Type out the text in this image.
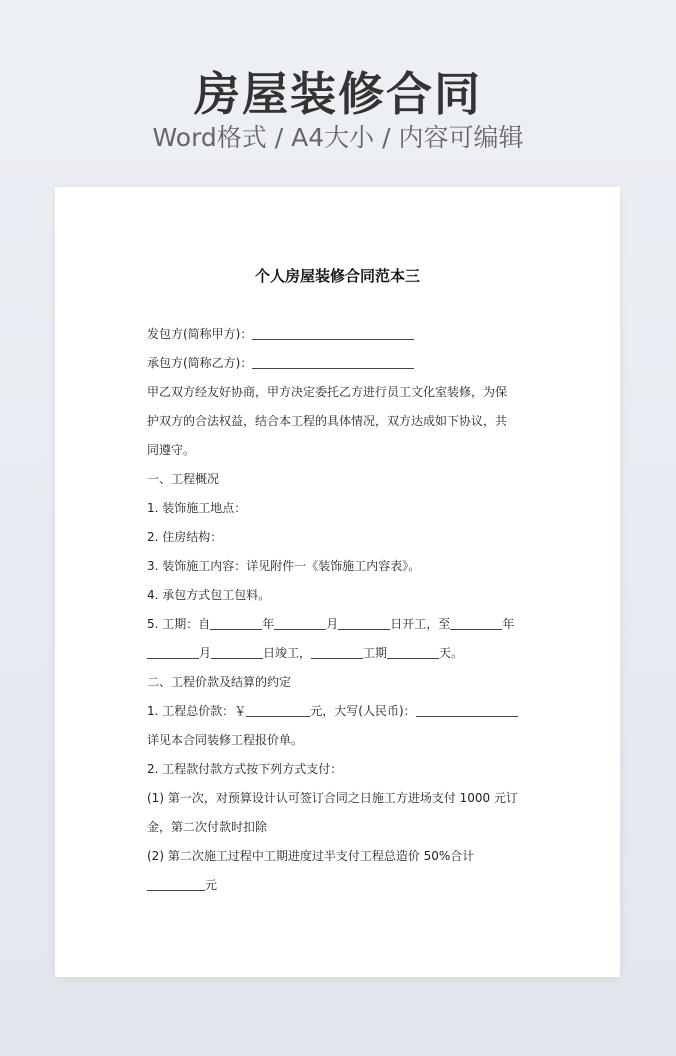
房屋装修合同
Word格式 / A4大小 / 内容可编辑
个人房屋装修合同范本三
发包方(简称甲方)：
承包方(简称乙方)：
甲乙双方经友好协商，甲方决定委托乙方进行员工文化室装修，为保
护双方的合法权益，结合本工程的具体情况，双方达成如下协议，共
同遵守。
一、工程概况
1. 装饰施工地点：
2. 住房结构：
3. 装饰施工内容：详见附件一《装饰施工内容表》。
4. 承包方式包工包料。
5. 工期：自	年	月	日开工，至	年
月	日竣工，	工期	天。
二、工程价款及结算的约定
1. 工程总价款：￥	元，大写(人民币)：
详见本合同装修工程报价单。
2. 工程款付款方式按下列方式支付：
(1) 第一次，对预算设计认可签订合同之日施工方进场支付 1000 元订
金，第二次付款时扣除
(2) 第二次施工过程中工期进度过半支付工程总造价 50%合计
元
